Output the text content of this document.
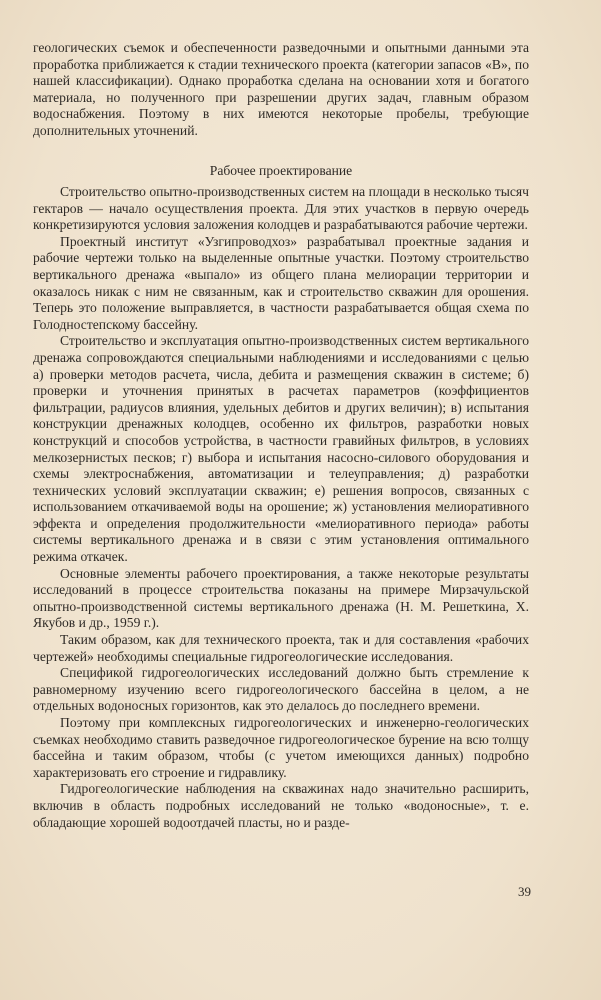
геологических съемок и обеспеченности разведочными и опытными данными эта проработка приближается к стадии технического проекта (категории запасов «В», по нашей классификации). Однако проработка сделана на основании хотя и богатого материала, но полученного при разрешении других задач, главным образом водоснабжения. Поэтому в них имеются некоторые пробелы, требующие дополнительных уточнений.

Рабочее проектирование

Строительство опытно-производственных систем на площади в несколько тысяч гектаров — начало осуществления проекта. Для этих участков в первую очередь конкретизируются условия заложения колодцев и разрабатываются рабочие чертежи.

Проектный институт «Узгипроводхоз» разрабатывал проектные задания и рабочие чертежи только на выделенные опытные участки. Поэтому строительство вертикального дренажа «выпало» из общего плана мелиорации территории и оказалось никак с ним не связанным, как и строительство скважин для орошения. Теперь это положение выправляется, в частности разрабатывается общая схема по Голодностепскому бассейну.

Строительство и эксплуатация опытно-производственных систем вертикального дренажа сопровождаются специальными наблюдениями и исследованиями с целью а) проверки методов расчета, числа, дебита и размещения скважин в системе; б) проверки и уточнения принятых в расчетах параметров (коэффициентов фильтрации, радиусов влияния, удельных дебитов и других величин); в) испытания конструкции дренажных колодцев, особенно их фильтров, разработки новых конструкций и способов устройства, в частности гравийных фильтров, в условиях мелкозернистых песков; г) выбора и испытания насосно-силового оборудования и схемы электроснабжения, автоматизации и телеуправления; д) разработки технических условий эксплуатации скважин; е) решения вопросов, связанных с использованием откачиваемой воды на орошение; ж) установления мелиоративного эффекта и определения продолжительности «мелиоративного периода» работы системы вертикального дренажа и в связи с этим установления оптимального режима откачек.

Основные элементы рабочего проектирования, а также некоторые результаты исследований в процессе строительства показаны на примере Мирзачульской опытно-производственной системы вертикального дренажа (Н. М. Решеткина, Х. Якубов и др., 1959 г.).

Таким образом, как для технического проекта, так и для составления «рабочих чертежей» необходимы специальные гидрогеологические исследования.

Спецификой гидрогеологических исследований должно быть стремление к равномерному изучению всего гидрогеологического бассейна в целом, а не отдельных водоносных горизонтов, как это делалось до последнего времени.

Поэтому при комплексных гидрогеологических и инженерно-геологических съемках необходимо ставить разведочное гидрогеологическое бурение на всю толщу бассейна и таким образом, чтобы (с учетом имеющихся данных) подробно характеризовать его строение и гидравлику.

Гидрогеологические наблюдения на скважинах надо значительно расширить, включив в область подробных исследований не только «водоносные», т. е. обладающие хорошей водоотдачей пласты, но и разде-

39
